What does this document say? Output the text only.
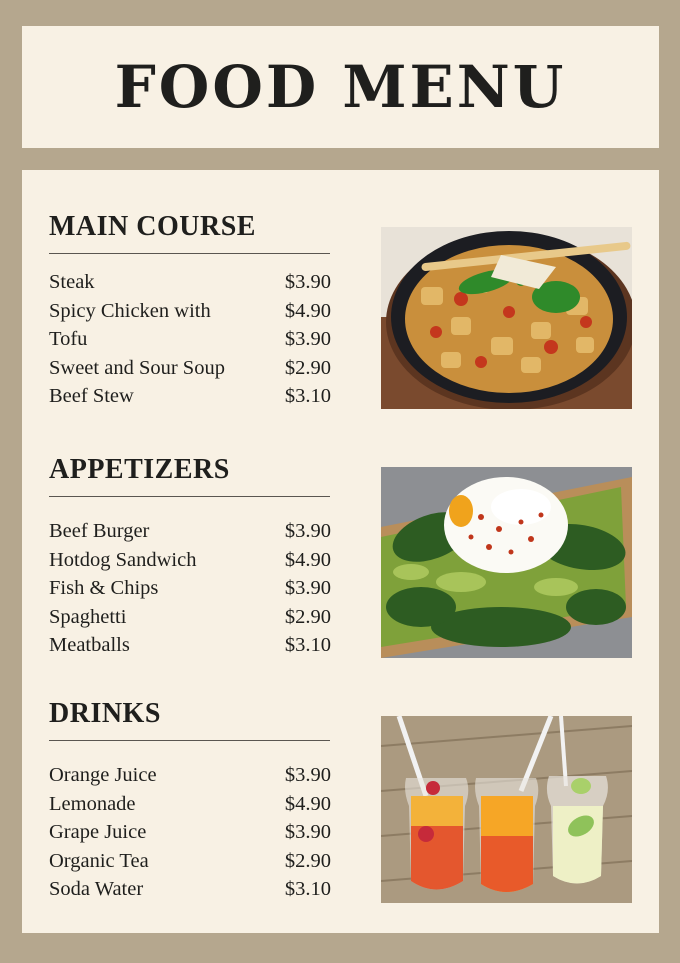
FOOD MENU
MAIN COURSE
Steak	$3.90
Spicy Chicken with	$4.90
Tofu	$3.90
Sweet and Sour Soup	$2.90
Beef Stew	$3.10
APPETIZERS
Beef Burger	$3.90
Hotdog Sandwich	$4.90
Fish & Chips	$3.90
Spaghetti	$2.90
Meatballs	$3.10
DRINKS
Orange Juice	$3.90
Lemonade	$4.90
Grape Juice	$3.90
Organic Tea	$2.90
Soda Water	$3.10
